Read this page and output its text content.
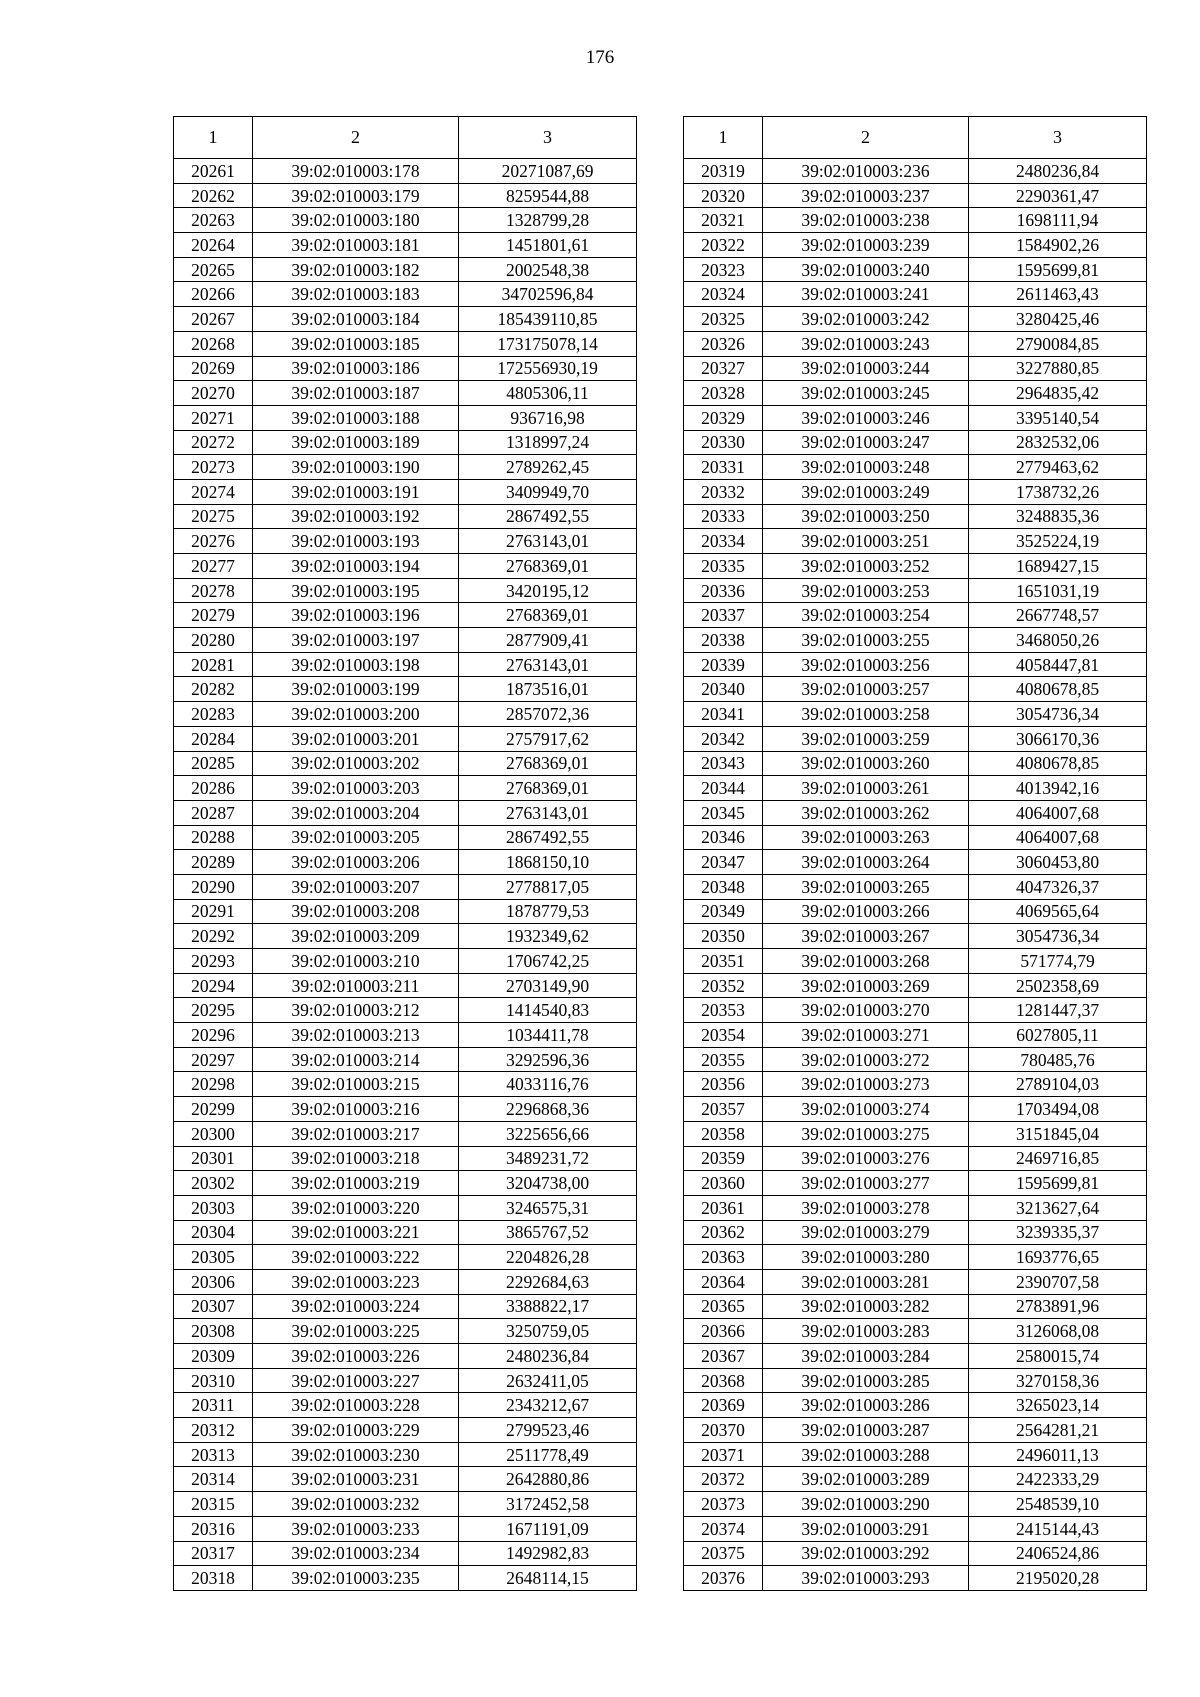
176
1	2	3
20261	39:02:010003:178	20271087,69
20262	39:02:010003:179	8259544,88
20263	39:02:010003:180	1328799,28
20264	39:02:010003:181	1451801,61
20265	39:02:010003:182	2002548,38
20266	39:02:010003:183	34702596,84
20267	39:02:010003:184	185439110,85
20268	39:02:010003:185	173175078,14
20269	39:02:010003:186	172556930,19
20270	39:02:010003:187	4805306,11
20271	39:02:010003:188	936716,98
20272	39:02:010003:189	1318997,24
20273	39:02:010003:190	2789262,45
20274	39:02:010003:191	3409949,70
20275	39:02:010003:192	2867492,55
20276	39:02:010003:193	2763143,01
20277	39:02:010003:194	2768369,01
20278	39:02:010003:195	3420195,12
20279	39:02:010003:196	2768369,01
20280	39:02:010003:197	2877909,41
20281	39:02:010003:198	2763143,01
20282	39:02:010003:199	1873516,01
20283	39:02:010003:200	2857072,36
20284	39:02:010003:201	2757917,62
20285	39:02:010003:202	2768369,01
20286	39:02:010003:203	2768369,01
20287	39:02:010003:204	2763143,01
20288	39:02:010003:205	2867492,55
20289	39:02:010003:206	1868150,10
20290	39:02:010003:207	2778817,05
20291	39:02:010003:208	1878779,53
20292	39:02:010003:209	1932349,62
20293	39:02:010003:210	1706742,25
20294	39:02:010003:211	2703149,90
20295	39:02:010003:212	1414540,83
20296	39:02:010003:213	1034411,78
20297	39:02:010003:214	3292596,36
20298	39:02:010003:215	4033116,76
20299	39:02:010003:216	2296868,36
20300	39:02:010003:217	3225656,66
20301	39:02:010003:218	3489231,72
20302	39:02:010003:219	3204738,00
20303	39:02:010003:220	3246575,31
20304	39:02:010003:221	3865767,52
20305	39:02:010003:222	2204826,28
20306	39:02:010003:223	2292684,63
20307	39:02:010003:224	3388822,17
20308	39:02:010003:225	3250759,05
20309	39:02:010003:226	2480236,84
20310	39:02:010003:227	2632411,05
20311	39:02:010003:228	2343212,67
20312	39:02:010003:229	2799523,46
20313	39:02:010003:230	2511778,49
20314	39:02:010003:231	2642880,86
20315	39:02:010003:232	3172452,58
20316	39:02:010003:233	1671191,09
20317	39:02:010003:234	1492982,83
20318	39:02:010003:235	2648114,15
1	2	3
20319	39:02:010003:236	2480236,84
20320	39:02:010003:237	2290361,47
20321	39:02:010003:238	1698111,94
20322	39:02:010003:239	1584902,26
20323	39:02:010003:240	1595699,81
20324	39:02:010003:241	2611463,43
20325	39:02:010003:242	3280425,46
20326	39:02:010003:243	2790084,85
20327	39:02:010003:244	3227880,85
20328	39:02:010003:245	2964835,42
20329	39:02:010003:246	3395140,54
20330	39:02:010003:247	2832532,06
20331	39:02:010003:248	2779463,62
20332	39:02:010003:249	1738732,26
20333	39:02:010003:250	3248835,36
20334	39:02:010003:251	3525224,19
20335	39:02:010003:252	1689427,15
20336	39:02:010003:253	1651031,19
20337	39:02:010003:254	2667748,57
20338	39:02:010003:255	3468050,26
20339	39:02:010003:256	4058447,81
20340	39:02:010003:257	4080678,85
20341	39:02:010003:258	3054736,34
20342	39:02:010003:259	3066170,36
20343	39:02:010003:260	4080678,85
20344	39:02:010003:261	4013942,16
20345	39:02:010003:262	4064007,68
20346	39:02:010003:263	4064007,68
20347	39:02:010003:264	3060453,80
20348	39:02:010003:265	4047326,37
20349	39:02:010003:266	4069565,64
20350	39:02:010003:267	3054736,34
20351	39:02:010003:268	571774,79
20352	39:02:010003:269	2502358,69
20353	39:02:010003:270	1281447,37
20354	39:02:010003:271	6027805,11
20355	39:02:010003:272	780485,76
20356	39:02:010003:273	2789104,03
20357	39:02:010003:274	1703494,08
20358	39:02:010003:275	3151845,04
20359	39:02:010003:276	2469716,85
20360	39:02:010003:277	1595699,81
20361	39:02:010003:278	3213627,64
20362	39:02:010003:279	3239335,37
20363	39:02:010003:280	1693776,65
20364	39:02:010003:281	2390707,58
20365	39:02:010003:282	2783891,96
20366	39:02:010003:283	3126068,08
20367	39:02:010003:284	2580015,74
20368	39:02:010003:285	3270158,36
20369	39:02:010003:286	3265023,14
20370	39:02:010003:287	2564281,21
20371	39:02:010003:288	2496011,13
20372	39:02:010003:289	2422333,29
20373	39:02:010003:290	2548539,10
20374	39:02:010003:291	2415144,43
20375	39:02:010003:292	2406524,86
20376	39:02:010003:293	2195020,28
